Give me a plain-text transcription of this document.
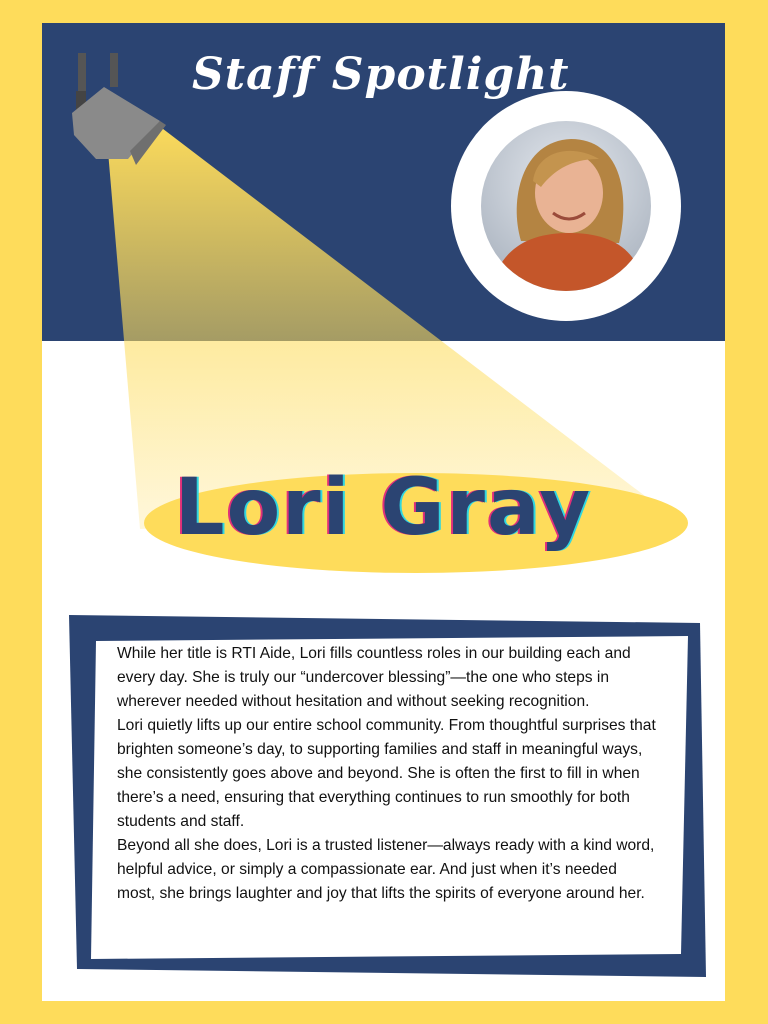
Staff Spotlight
Lori Gray

While her title is RTI Aide, Lori fills countless roles in our building each and every day. She is truly our “undercover blessing”—the one who steps in wherever needed without hesitation and without seeking recognition.

Lori quietly lifts up our entire school community. From thoughtful surprises that brighten someone’s day, to supporting families and staff in meaningful ways, she consistently goes above and beyond. She is often the first to fill in when there’s a need, ensuring that everything continues to run smoothly for both students and staff.

Beyond all she does, Lori is a trusted listener—always ready with a kind word, helpful advice, or simply a compassionate ear. And just when it’s needed most, she brings laughter and joy that lifts the spirits of everyone around her.
